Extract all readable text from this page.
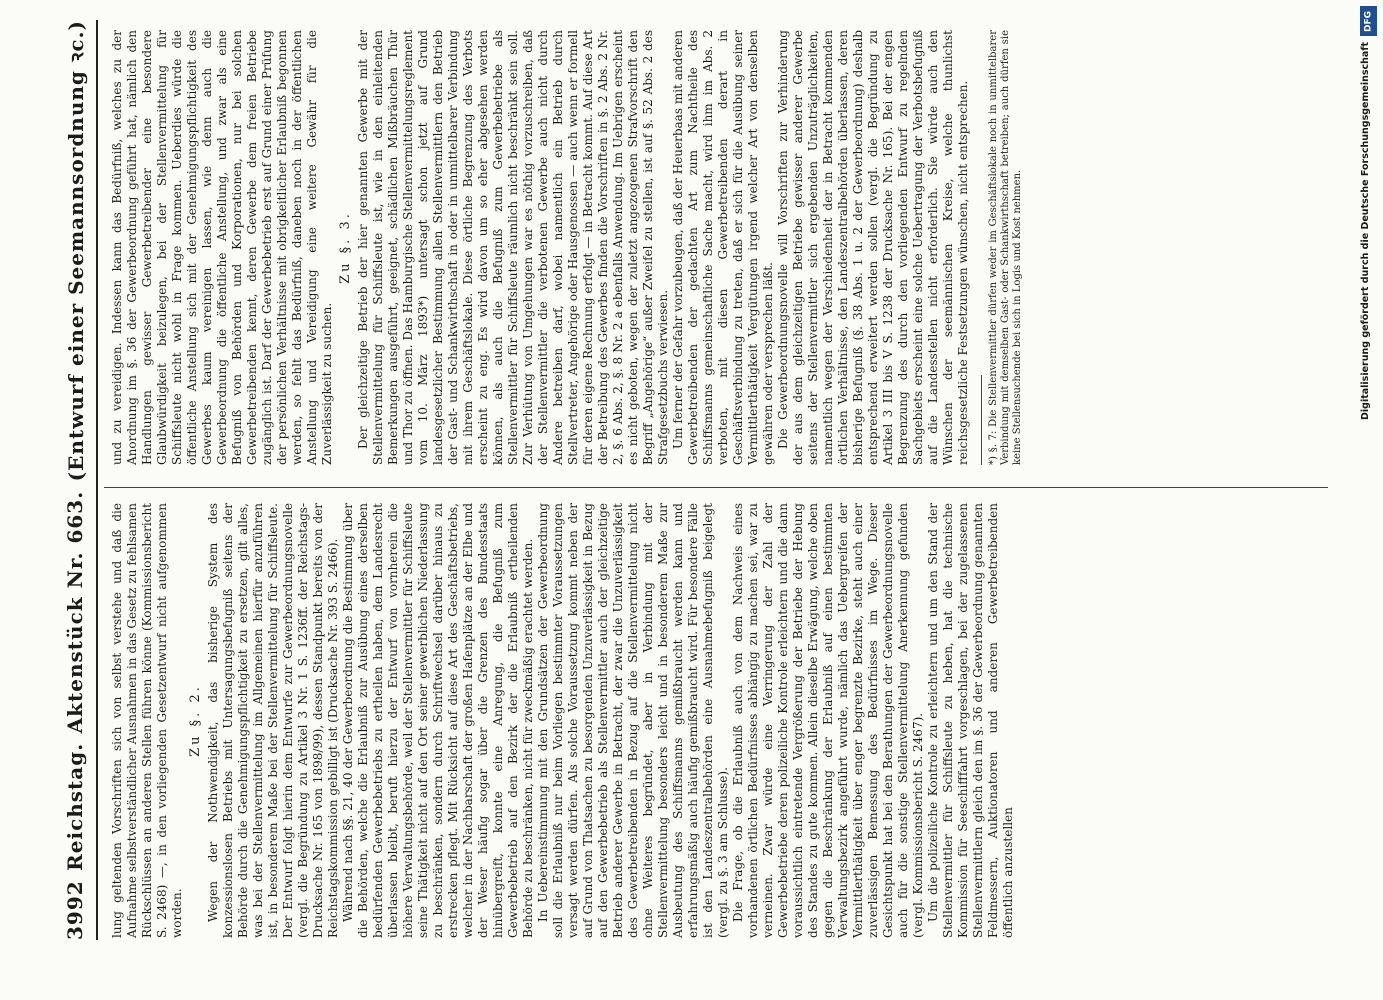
3992
Reichstag.
Aktenstück Nr. 663.
(Entwurf einer Seemannsordnung ꝛc.)

lung geltenden Vorschriften sich von selbst verstehe und daß die Aufnahme selbstverständlicher Ausnahmen in das Gesetz zu fehlsamen Rückschlüssen an anderen Stellen führen könne (Kommissionsbericht S. 2468) —, in den vorliegenden Gesetzentwurf nicht aufgenommen worden.

Zu §. 2. Wegen der Nothwendigkeit, das bisherige System des konzessionslosen Betriebs mit Untersagungsbefugniß seitens der Behörde durch die Genehmigungspflichtigkeit zu ersetzen, gilt alles, was bei der Stellenvermittelung im Allgemeinen hierfür anzuführen ist, in besonderem Maße bei der Stellenvermittelung für Schiffsleute. Der Entwurf folgt hierin dem Entwurfe zur Gewerbeordnungsnovelle (vergl. die Begründung zu Artikel 3 Nr. 1 S. 1236ff. der Reichstags-Drucksache Nr. 165 von 1898/99), dessen Standpunkt bereits von der Reichstagskommission gebilligt ist (Drucksache Nr. 393 S. 2466). Während nach §§. 21, 40 der Gewerbeordnung die Bestimmung über die Behörden, welche die Erlaubniß zur Ausübung eines derselben bedürfenden Gewerbebetriebs zu ertheilen haben, dem Landesrecht überlassen bleibt, beruft hierzu der Entwurf von vornherein die höhere Verwaltungsbehörde, weil der Stellenvermittler für Schiffsleute seine Thätigkeit nicht auf den Ort seiner gewerblichen Niederlassung zu beschränken, sondern durch Schriftwechsel darüber hinaus zu erstrecken pflegt. Mit Rücksicht auf diese Art des Geschäftsbetriebs, welcher in der Nachbarschaft der großen Hafenplätze an der Elbe und der Weser häufig sogar über die Grenzen des Bundesstaats hinübergreift, konnte eine Anregung, die Befugniß zum Gewerbebetrieb auf den Bezirk der die Erlaubniß ertheilenden Behörde zu beschränken, nicht für zweckmäßig erachtet werden. In Uebereinstimmung mit den Grundsätzen der Gewerbeordnung soll die Erlaubniß nur beim Vorliegen bestimmter Voraussetzungen versagt werden dürfen. Als solche Voraussetzung kommt neben der auf Grund von Thatsachen zu besorgenden Unzuverlässigkeit in Bezug auf den Gewerbebetrieb als Stellenvermittler auch der gleichzeitige Betrieb anderer Gewerbe in Betracht, der zwar die Unzuverlässigkeit des Gewerbetreibenden in Bezug auf die Stellenvermittelung nicht ohne Weiteres begründet, aber in Verbindung mit der Stellenvermittelung besonders leicht und in besonderem Maße zur Ausbeutung des Schiffsmanns gemißbraucht werden kann und erfahrungsmäßig auch häufig gemißbraucht wird. Für besondere Fälle ist den Landeszentralbehörden eine Ausnahmebefugniß beigelegt (vergl. zu §. 3 am Schlusse). Die Frage, ob die Erlaubniß auch von dem Nachweis eines vorhandenen örtlichen Bedürfnisses abhängig zu machen sei, war zu verneinen. Zwar würde eine Verringerung der Zahl der Gewerbebetriebe deren polizeiliche Kontrole erleichtern und die dann voraussichtlich eintretende Vergrößerung der Betriebe der Hebung des Standes zu gute kommen. Allein dieselbe Erwägung, welche oben gegen die Beschränkung der Erlaubniß auf einen bestimmten Verwaltungsbezirk angeführt wurde, nämlich das Uebergreifen der Vermittlerthätigkeit über enger begrenzte Bezirke, steht auch einer zuverlässigen Bemessung des Bedürfnisses im Wege. Dieser Gesichtspunkt hat bei den Berathungen der Gewerbeordnungsnovelle auch für die sonstige Stellenvermittelung Anerkennung gefunden (vergl. Kommissionsbericht S. 2467). Um die polizeiliche Kontrole zu erleichtern und um den Stand der Stellenvermittler für Schiffsleute zu heben, hat die technische Kommission für Seeschifffahrt vorgeschlagen, bei der zugelassenen Stellenvermittlern gleich den im §. 36 der Gewerbeordnung genannten Feldmessern, Auktionatoren und anderen Gewerbetreibenden öffentlich anzustellen

und zu vereidigen. Indessen kann das Bedürfniß, welches zu der Anordnung im §. 36 der Gewerbeordnung geführt hat, nämlich den Handlungen gewisser Gewerbetreibender eine besondere Glaubwürdigkeit beizulegen, bei der Stellenvermittelung für Schiffsleute nicht wohl in Frage kommen. Ueberdies würde die öffentliche Anstellung sich mit der Genehmigungspflichtigkeit des Gewerbes kaum vereinigen lassen, wie denn auch die Gewerbeordnung die öffentliche Anstellung, und zwar als eine Befugniß von Behörden und Korporationen, nur bei solchen Gewerbetreibenden kennt, deren Gewerbe dem freien Betriebe zugänglich ist. Darf der Gewerbebetrieb erst auf Grund einer Prüfung der persönlichen Verhältnisse mit obrigkeitlicher Erlaubniß begonnen werden, so fehlt das Bedürfniß, daneben noch in der öffentlichen Anstellung und Vereidigung eine weitere Gewähr für die Zuverlässigkeit zu suchen.

Zu §. 3. Der gleichzeitige Betrieb der hier genannten Gewerbe mit der Stellenvermittelung für Schiffsleute ist, wie in den einleitenden Bemerkungen ausgeführt, geeignet, schädlichen Mißbräuchen Thür und Thor zu öffnen. Das Hamburgische Stellenvermittelungsreglement vom 10. März 1893*) untersagt schon jetzt auf Grund landesgesetzlicher Bestimmung allen Stellenvermittlern den Betrieb der Gast- und Schankwirthschaft in oder in unmittelbarer Verbindung mit ihrem Geschäftslokale. Diese örtliche Begrenzung des Verbots erscheint zu eng. Es wird davon um so eher abgesehen werden können, als auch die Befugniß zum Gewerbebetriebe als Stellenvermittler für Schiffsleute räumlich nicht beschränkt sein soll. Zur Verhütung von Umgehungen war es nöthig vorzuschreiben, daß der Stellenvermittler die verbotenen Gewerbe auch nicht durch Andere betreiben darf, wobei namentlich ein Betrieb durch Stellvertreter, Angehörige oder Hausgenossen — auch wenn er formell für deren eigene Rechnung erfolgt — in Betracht kommt. Auf diese Art der Betreibung des Gewerbes finden die Vorschriften in §. 2 Abs. 2 Nr. 2, §. 6 Abs. 2, §. 8 Nr. 2 a ebenfalls Anwendung. Im Uebrigen erscheint es nicht geboten, wegen der zuletzt angezogenen Strafvorschrift den Begriff „Angehörige“ außer Zweifel zu stellen, ist auf §. 52 Abs. 2 des Strafgesetzbuchs verwiesen. Um ferner der Gefahr vorzubeugen, daß der Heuerbaas mit anderen Gewerbetreibenden der gedachten Art zum Nachtheile des Schiffsmanns gemeinschaftliche Sache macht, wird ihm im Abs. 2 verboten, mit diesen Gewerbetreibenden derart in Geschäftsverbindung zu treten, daß er sich für die Ausübung seiner Vermittlerthätigkeit Vergütungen irgend welcher Art von denselben gewähren oder versprechen läßt. Die Gewerbeordnungsnovelle will Vorschriften zur Verhinderung der aus dem gleichzeitigen Betriebe gewisser anderer Gewerbe seitens der Stellenvermittler sich ergebenden Unzuträglichkeiten, namentlich wegen der Verschiedenheit der in Betracht kommenden örtlichen Verhältnisse, den Landeszentralbehörden überlassen, deren bisherige Befugniß (§. 38 Abs. 1 u. 2 der Gewerbeordnung) deshalb entsprechend erweitert werden sollen (vergl. die Begründung zu Artikel 3 III bis V S. 1238 der Drucksache Nr. 165). Bei der engen Begrenzung des durch den vorliegenden Entwurf zu regelnden Sachgebiets erscheint eine solche Uebertragung der Verbotsbefugniß auf die Landesstellen nicht erforderlich. Sie würde auch den Wünschen der seemännischen Kreise, welche thunlichst reichsgesetzliche Festsetzungen wünschen, nicht entsprechen. *) §. 7: Die Stellenvermittler dürfen weder im Geschäftslokale noch in unmittelbarer Verbindung mit demselben Gast- oder Schankwirthschaft betreiben; auch dürfen sie keine Stellensuchende bei sich in Logis und Kost nehmen.

DFG
Digitalisierung gefördert durch die Deutsche Forschungsgemeinschaft
